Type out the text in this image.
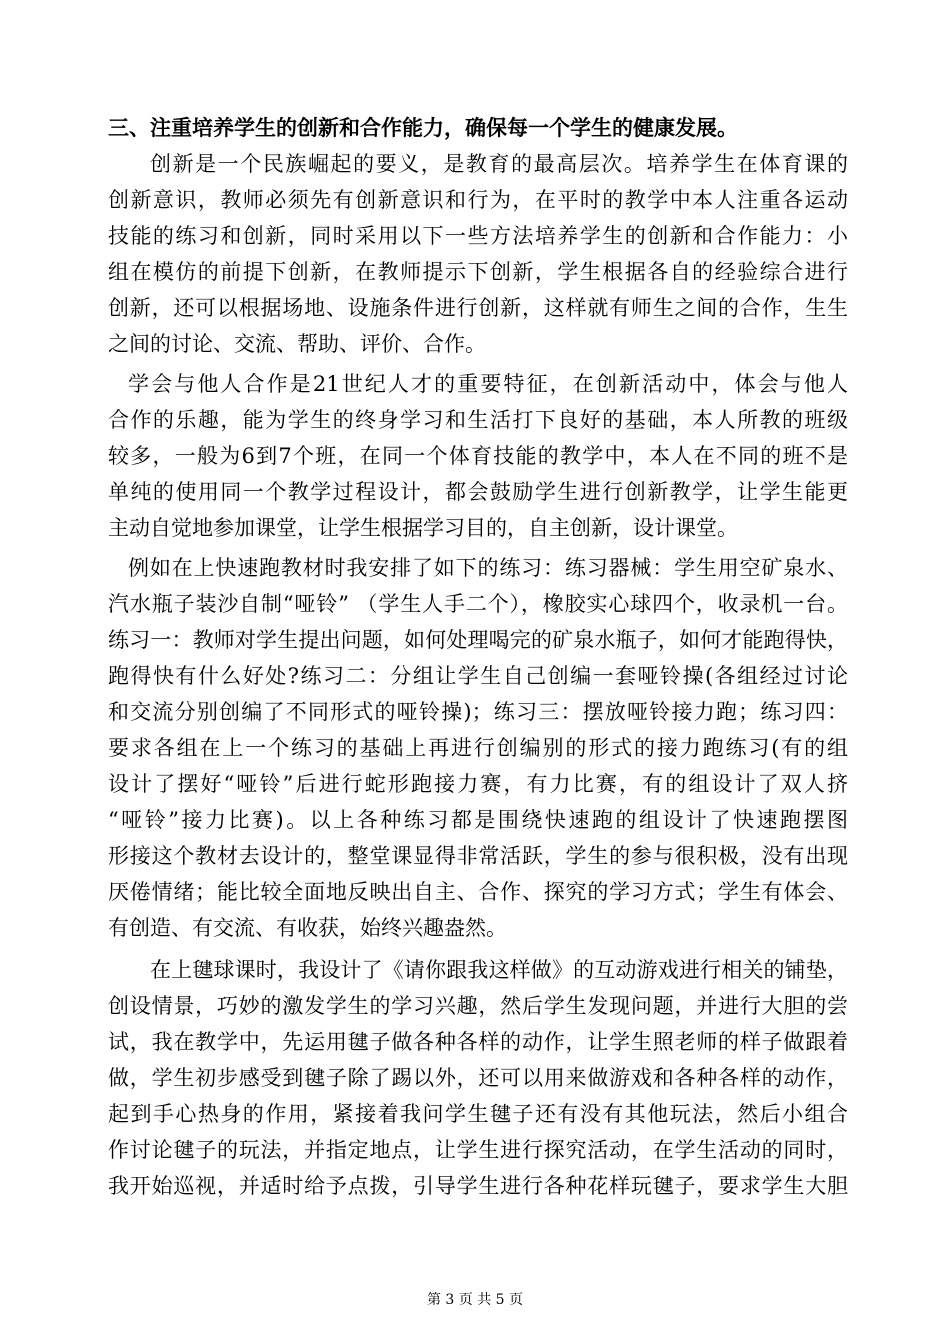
三、注重培养学生的创新和合作能力，确保每一个学生的健康发展。
创新是一个民族崛起的要义，是教育的最高层次。培养学生在体育课的
创新意识，教师必须先有创新意识和行为，在平时的教学中本人注重各运动
技能的练习和创新，同时采用以下一些方法培养学生的创新和合作能力：小
组在模仿的前提下创新，在教师提示下创新，学生根据各自的经验综合进行
创新，还可以根据场地、设施条件进行创新，这样就有师生之间的合作，生生
之间的讨论、交流、帮助、评价、合作。
学会与他人合作是21世纪人才的重要特征，在创新活动中，体会与他人
合作的乐趣，能为学生的终身学习和生活打下良好的基础，本人所教的班级
较多，一般为6到7个班，在同一个体育技能的教学中，本人在不同的班不是
单纯的使用同一个教学过程设计，都会鼓励学生进行创新教学，让学生能更
主动自觉地参加课堂，让学生根据学习目的，自主创新，设计课堂。
例如在上快速跑教材时我安排了如下的练习：练习器械：学生用空矿泉水、
汽水瓶子装沙自制“哑铃” （学生人手二个），橡胶实心球四个，收录机一台。
练习一：教师对学生提出问题，如何处理喝完的矿泉水瓶子，如何才能跑得快，
跑得快有什么好处?练习二：分组让学生自己创编一套哑铃操(各组经过讨论
和交流分别创编了不同形式的哑铃操)；练习三：摆放哑铃接力跑；练习四：
要求各组在上一个练习的基础上再进行创编别的形式的接力跑练习(有的组
设计了摆好“哑铃”后进行蛇形跑接力赛，有力比赛，有的组设计了双人挤
“哑铃”接力比赛)。以上各种练习都是围绕快速跑的组设计了快速跑摆图
形接这个教材去设计的，整堂课显得非常活跃，学生的参与很积极，没有出现
厌倦情绪；能比较全面地反映出自主、合作、探究的学习方式；学生有体会、
有创造、有交流、有收获，始终兴趣盎然。
在上毽球课时，我设计了《请你跟我这样做》的互动游戏进行相关的铺垫，
创设情景，巧妙的激发学生的学习兴趣，然后学生发现问题，并进行大胆的尝
试，我在教学中，先运用毽子做各种各样的动作，让学生照老师的样子做跟着
做，学生初步感受到毽子除了踢以外，还可以用来做游戏和各种各样的动作，
起到手心热身的作用，紧接着我问学生毽子还有没有其他玩法，然后小组合
作讨论毽子的玩法，并指定地点，让学生进行探究活动，在学生活动的同时，
我开始巡视，并适时给予点拨，引导学生进行各种花样玩毽子，要求学生大胆
第 3 页 共 5 页
